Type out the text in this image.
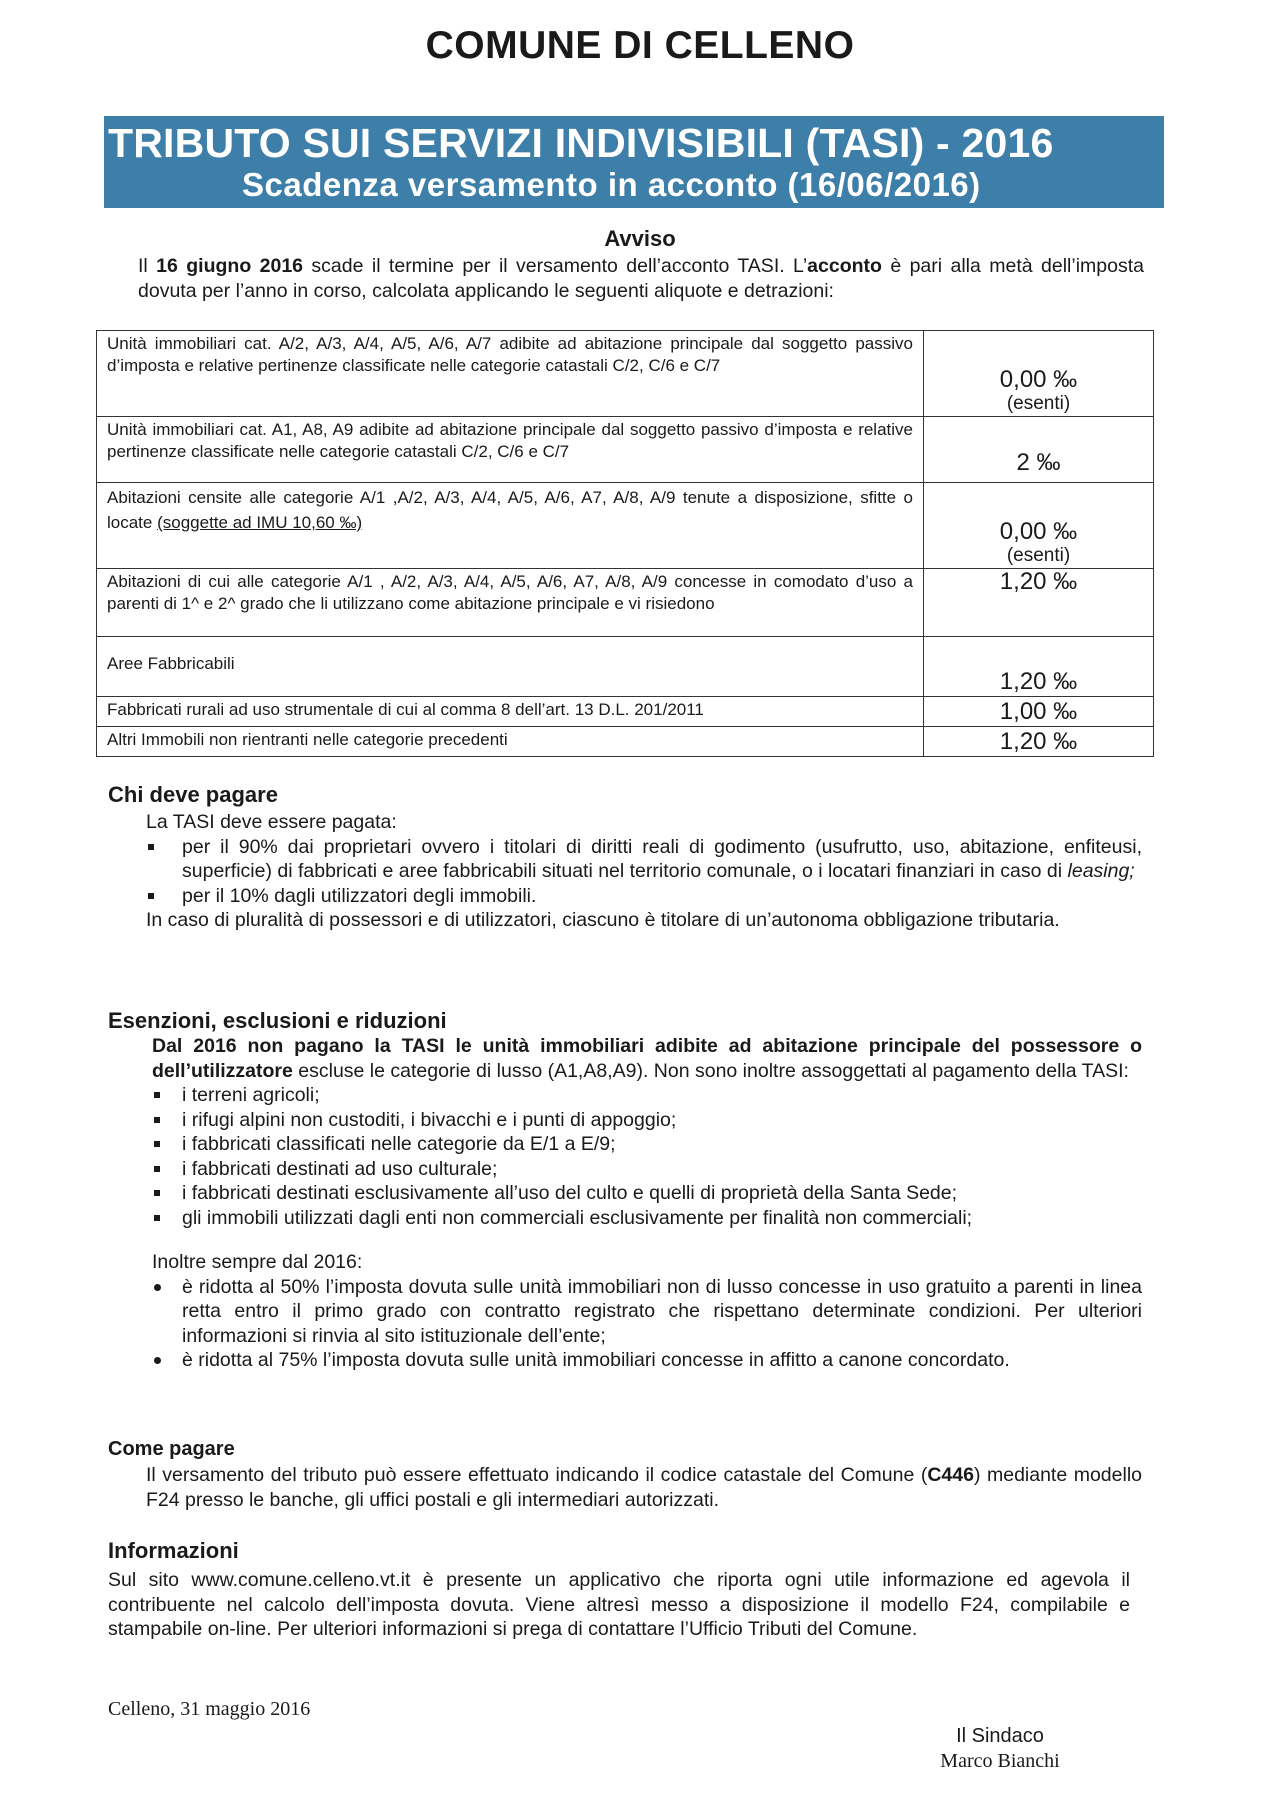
COMUNE DI CELLENO
TRIBUTO SUI SERVIZI INDIVISIBILI (TASI) - 2016
Scadenza versamento in acconto (16/06/2016)
Avviso
Il 16 giugno 2016 scade il termine per il versamento dell’acconto TASI. L’acconto è pari alla metà dell’imposta dovuta per l’anno in corso, calcolata applicando le seguenti aliquote e detrazioni:
Unità immobiliari cat. A/2, A/3, A/4, A/5, A/6, A/7 adibite ad abitazione principale dal soggetto passivo d’imposta e relative pertinenze classificate nelle categorie catastali C/2, C/6 e C/7	0,00 ‰
(esenti)

Unità immobiliari cat. A1, A8, A9 adibite ad abitazione principale dal soggetto passivo d’imposta e relative pertinenze classificate nelle categorie catastali C/2, C/6 e C/7	2 ‰
Abitazioni censite alle categorie A/1 ,A/2, A/3, A/4, A/5, A/6, A7, A/8, A/9 tenute a disposizione, sfitte o locate (soggette ad IMU 10,60 ‰)	0,00 ‰
(esenti)

Abitazioni di cui alle categorie A/1 , A/2, A/3, A/4, A/5, A/6, A7, A/8, A/9 concesse in comodato d’uso a parenti di 1^ e 2^ grado che li utilizzano come abitazione principale e vi risiedono	1,20 ‰
Aree Fabbricabili	1,20 ‰
Fabbricati rurali ad uso strumentale di cui al comma 8 dell’art. 13 D.L. 201/2011	1,00 ‰
Altri Immobili non rientranti nelle categorie precedenti	1,20 ‰
Chi deve pagare
La TASI deve essere pagata:
per il 90% dai proprietari ovvero i titolari di diritti reali di godimento (usufrutto, uso, abitazione, enfiteusi, superficie) di fabbricati e aree fabbricabili situati nel territorio comunale, o i locatari finanziari in caso di leasing;
per il 10% dagli utilizzatori degli immobili.
In caso di pluralità di possessori e di utilizzatori, ciascuno è titolare di un’autonoma obbligazione tributaria.
Esenzioni, esclusioni e riduzioni
Dal 2016 non pagano la TASI le unità immobiliari adibite ad abitazione principale del possessore o dell’utilizzatore escluse le categorie di lusso (A1,A8,A9). Non sono inoltre assoggettati al pagamento della TASI:
i terreni agricoli;
i rifugi alpini non custoditi, i bivacchi e i punti di appoggio;
i fabbricati classificati nelle categorie da E/1 a E/9;
i fabbricati destinati ad uso culturale;
i fabbricati destinati esclusivamente all’uso del culto e quelli di proprietà della Santa Sede;
gli immobili utilizzati dagli enti non commerciali esclusivamente per finalità non commerciali;
Inoltre sempre dal 2016:
è ridotta al 50% l’imposta dovuta sulle unità immobiliari non di lusso concesse in uso gratuito a parenti in linea retta entro il primo grado con contratto registrato che rispettano determinate condizioni. Per ulteriori informazioni si rinvia al sito istituzionale dell’ente;
è ridotta al 75% l’imposta dovuta sulle unità immobiliari concesse in affitto a canone concordato.
Come pagare
Il versamento del tributo può essere effettuato indicando il codice catastale del Comune (C446) mediante modello F24 presso le banche, gli uffici postali e gli intermediari autorizzati.
Informazioni
Sul sito www.comune.celleno.vt.it è presente un applicativo che riporta ogni utile informazione ed agevola il contribuente nel calcolo dell’imposta dovuta. Viene altresì messo a disposizione il modello F24, compilabile e stampabile on-line. Per ulteriori informazioni si prega di contattare l’Ufficio Tributi del Comune.
Celleno, 31 maggio 2016
Il Sindaco
Marco Bianchi
